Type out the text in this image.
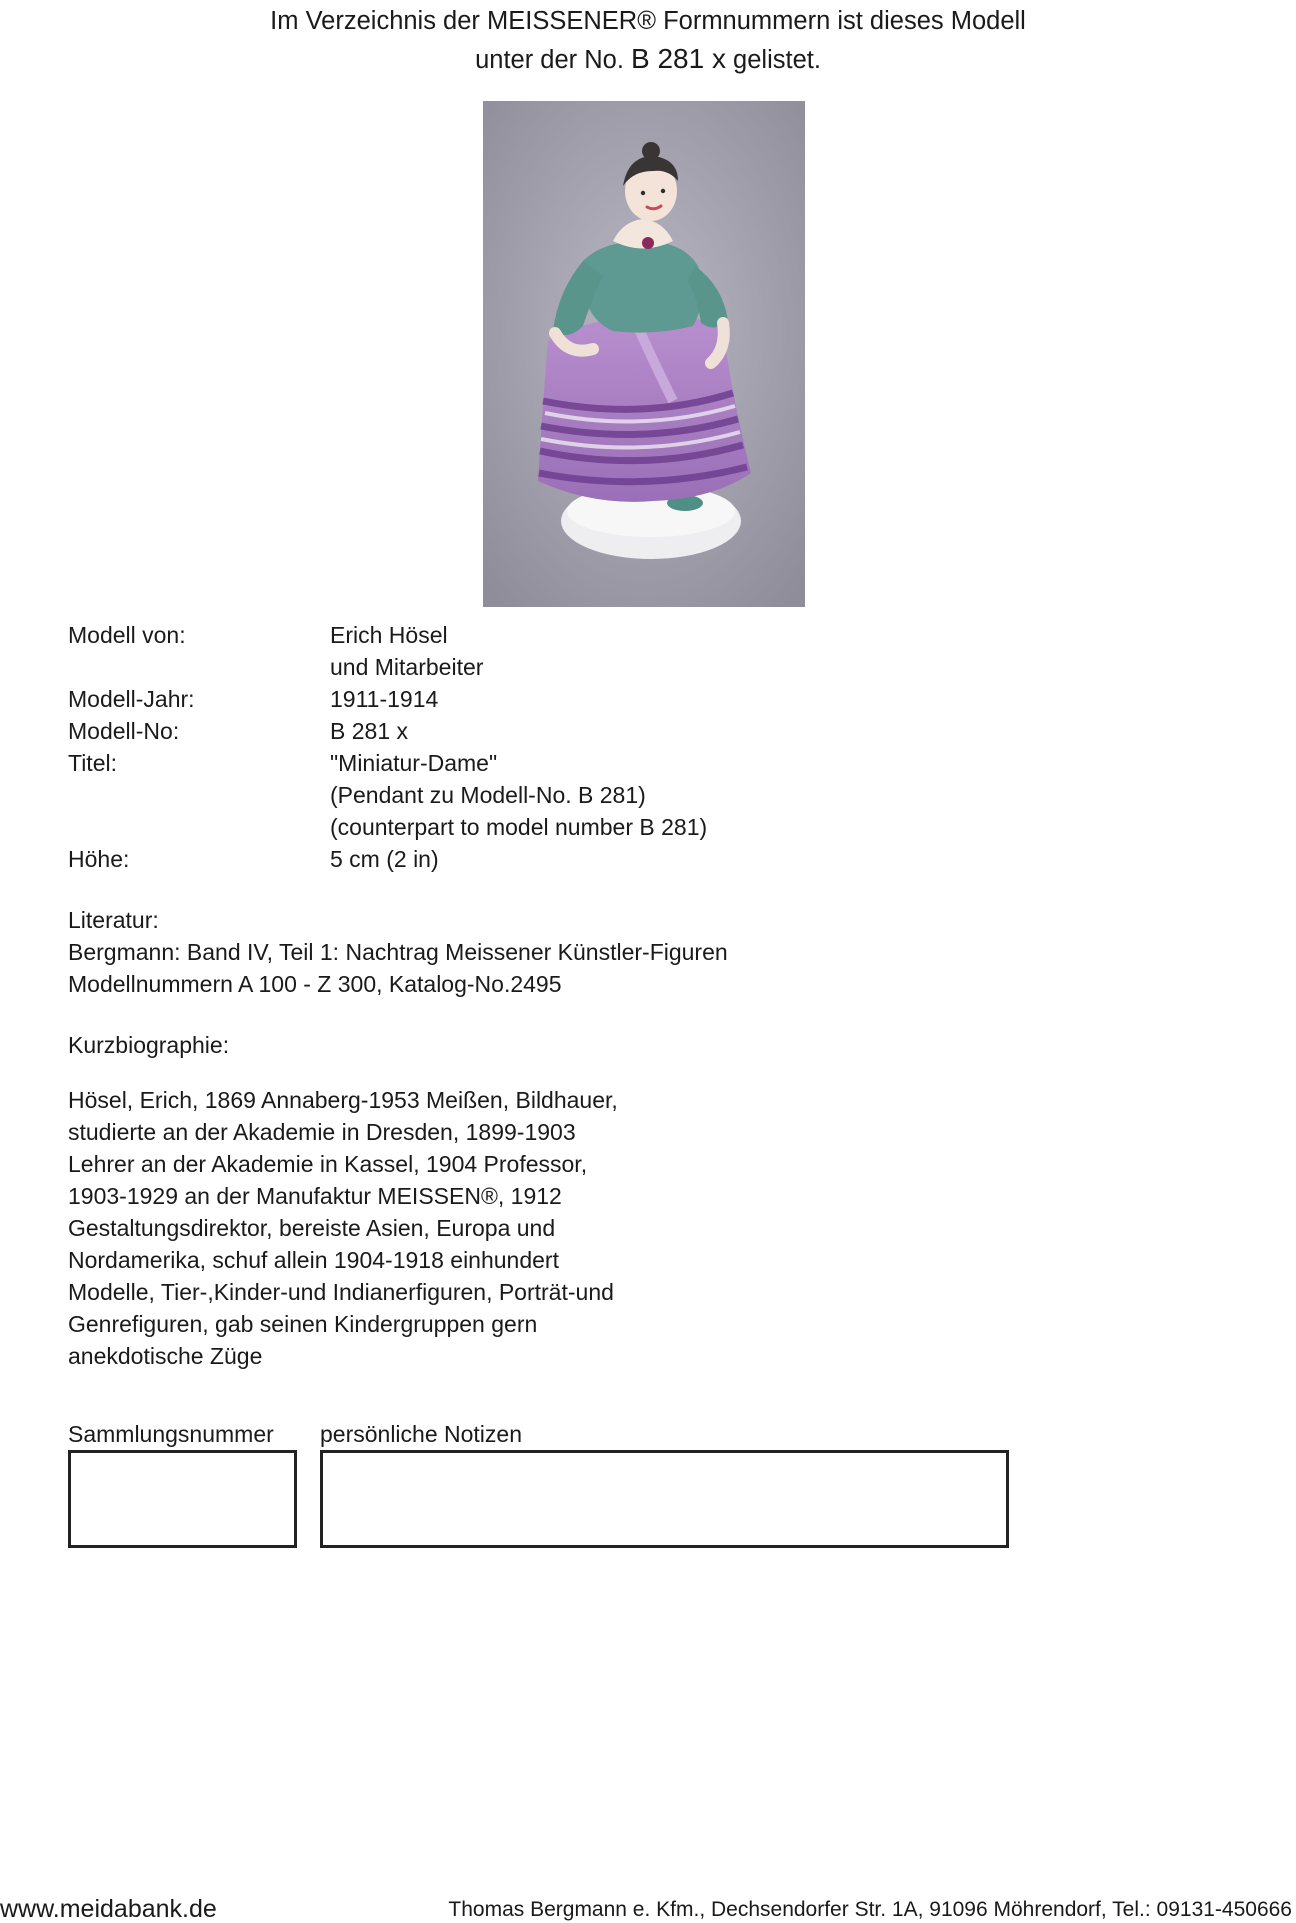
Im Verzeichnis der MEISSENER® Formnummern ist dieses Modell
unter der No. B 281 x gelistet.
Modell von:	Erich Hösel
und Mitarbeiter
Modell-Jahr:	1911-1914
Modell-No:	B 281 x
Titel:	"Miniatur-Dame"
(Pendant zu Modell-No. B 281)
(counterpart to model number B 281)
Höhe:	5 cm (2 in)

Literatur:

Bergmann: Band IV, Teil 1: Nachtrag Meissener Künstler-Figuren

Modellnummern A 100 - Z 300, Katalog-No.2495

Kurzbiographie:

Hösel, Erich, 1869 Annaberg-1953 Meißen, Bildhauer,

studierte an der Akademie in Dresden, 1899-1903

Lehrer an der Akademie in Kassel, 1904 Professor,

1903-1929 an der Manufaktur MEISSEN®, 1912

Gestaltungsdirektor, bereiste Asien, Europa und

Nordamerika, schuf allein 1904-1918 einhundert

Modelle, Tier-,Kinder-und Indianerfiguren, Porträt-und

Genrefiguren, gab seinen Kindergruppen gern

anekdotische Züge

Sammlungsnummer persönliche Notizen
www.meidabank.de	Thomas Bergmann e. Kfm., Dechsendorfer Str. 1A, 91096 Möhrendorf, Tel.: 09131-450666
